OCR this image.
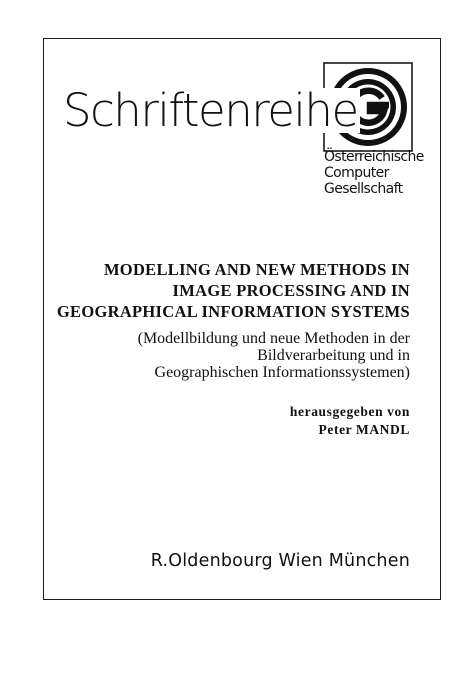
Schriftenreihe
Österreichische
Computer
Gesellschaft
MODELLING AND NEW METHODS IN
IMAGE PROCESSING AND IN
GEOGRAPHICAL INFORMATION SYSTEMS
(Modellbildung und neue Methoden in der
Bildverarbeitung und in
Geographischen Informationssystemen)
herausgegeben von
Peter MANDL
R.Oldenbourg Wien München
